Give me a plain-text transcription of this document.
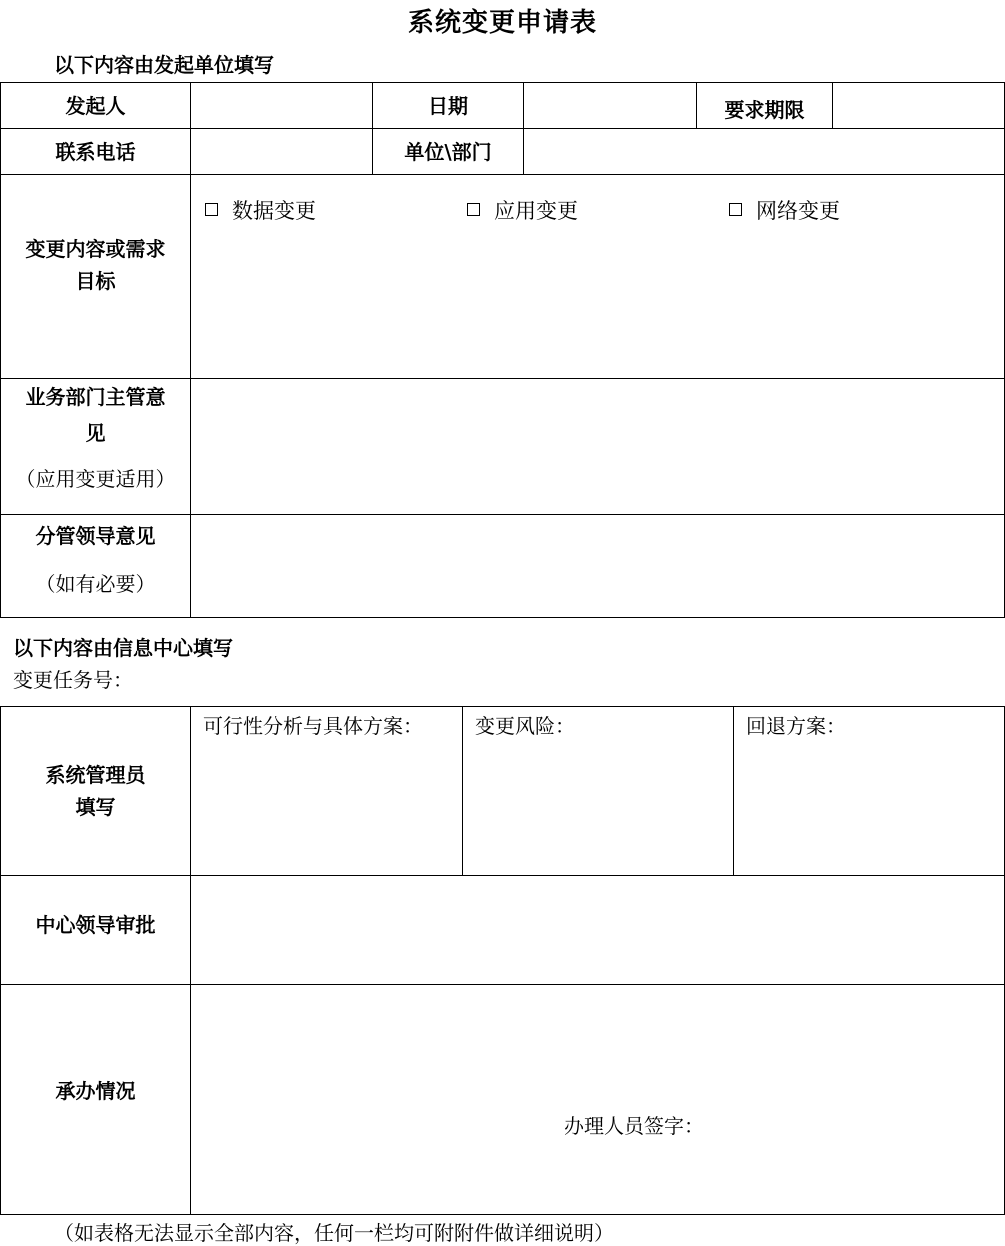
系统变更申请表
以下内容由发起单位填写
发起人	日期	要求期限
联系电话	单位\部门
变更内容或需求
目标
数据变更	应用变更	网络变更
业务部门主管意
见
（应用变更适用）
分管领导意见
（如有必要）
以下内容由信息中心填写
变更任务号：
系统管理员
填写
可行性分析与具体方案：	变更风险：	回退方案：
中心领导审批
承办情况
办理人员签字：
（如表格无法显示全部内容，任何一栏均可附附件做详细说明）
